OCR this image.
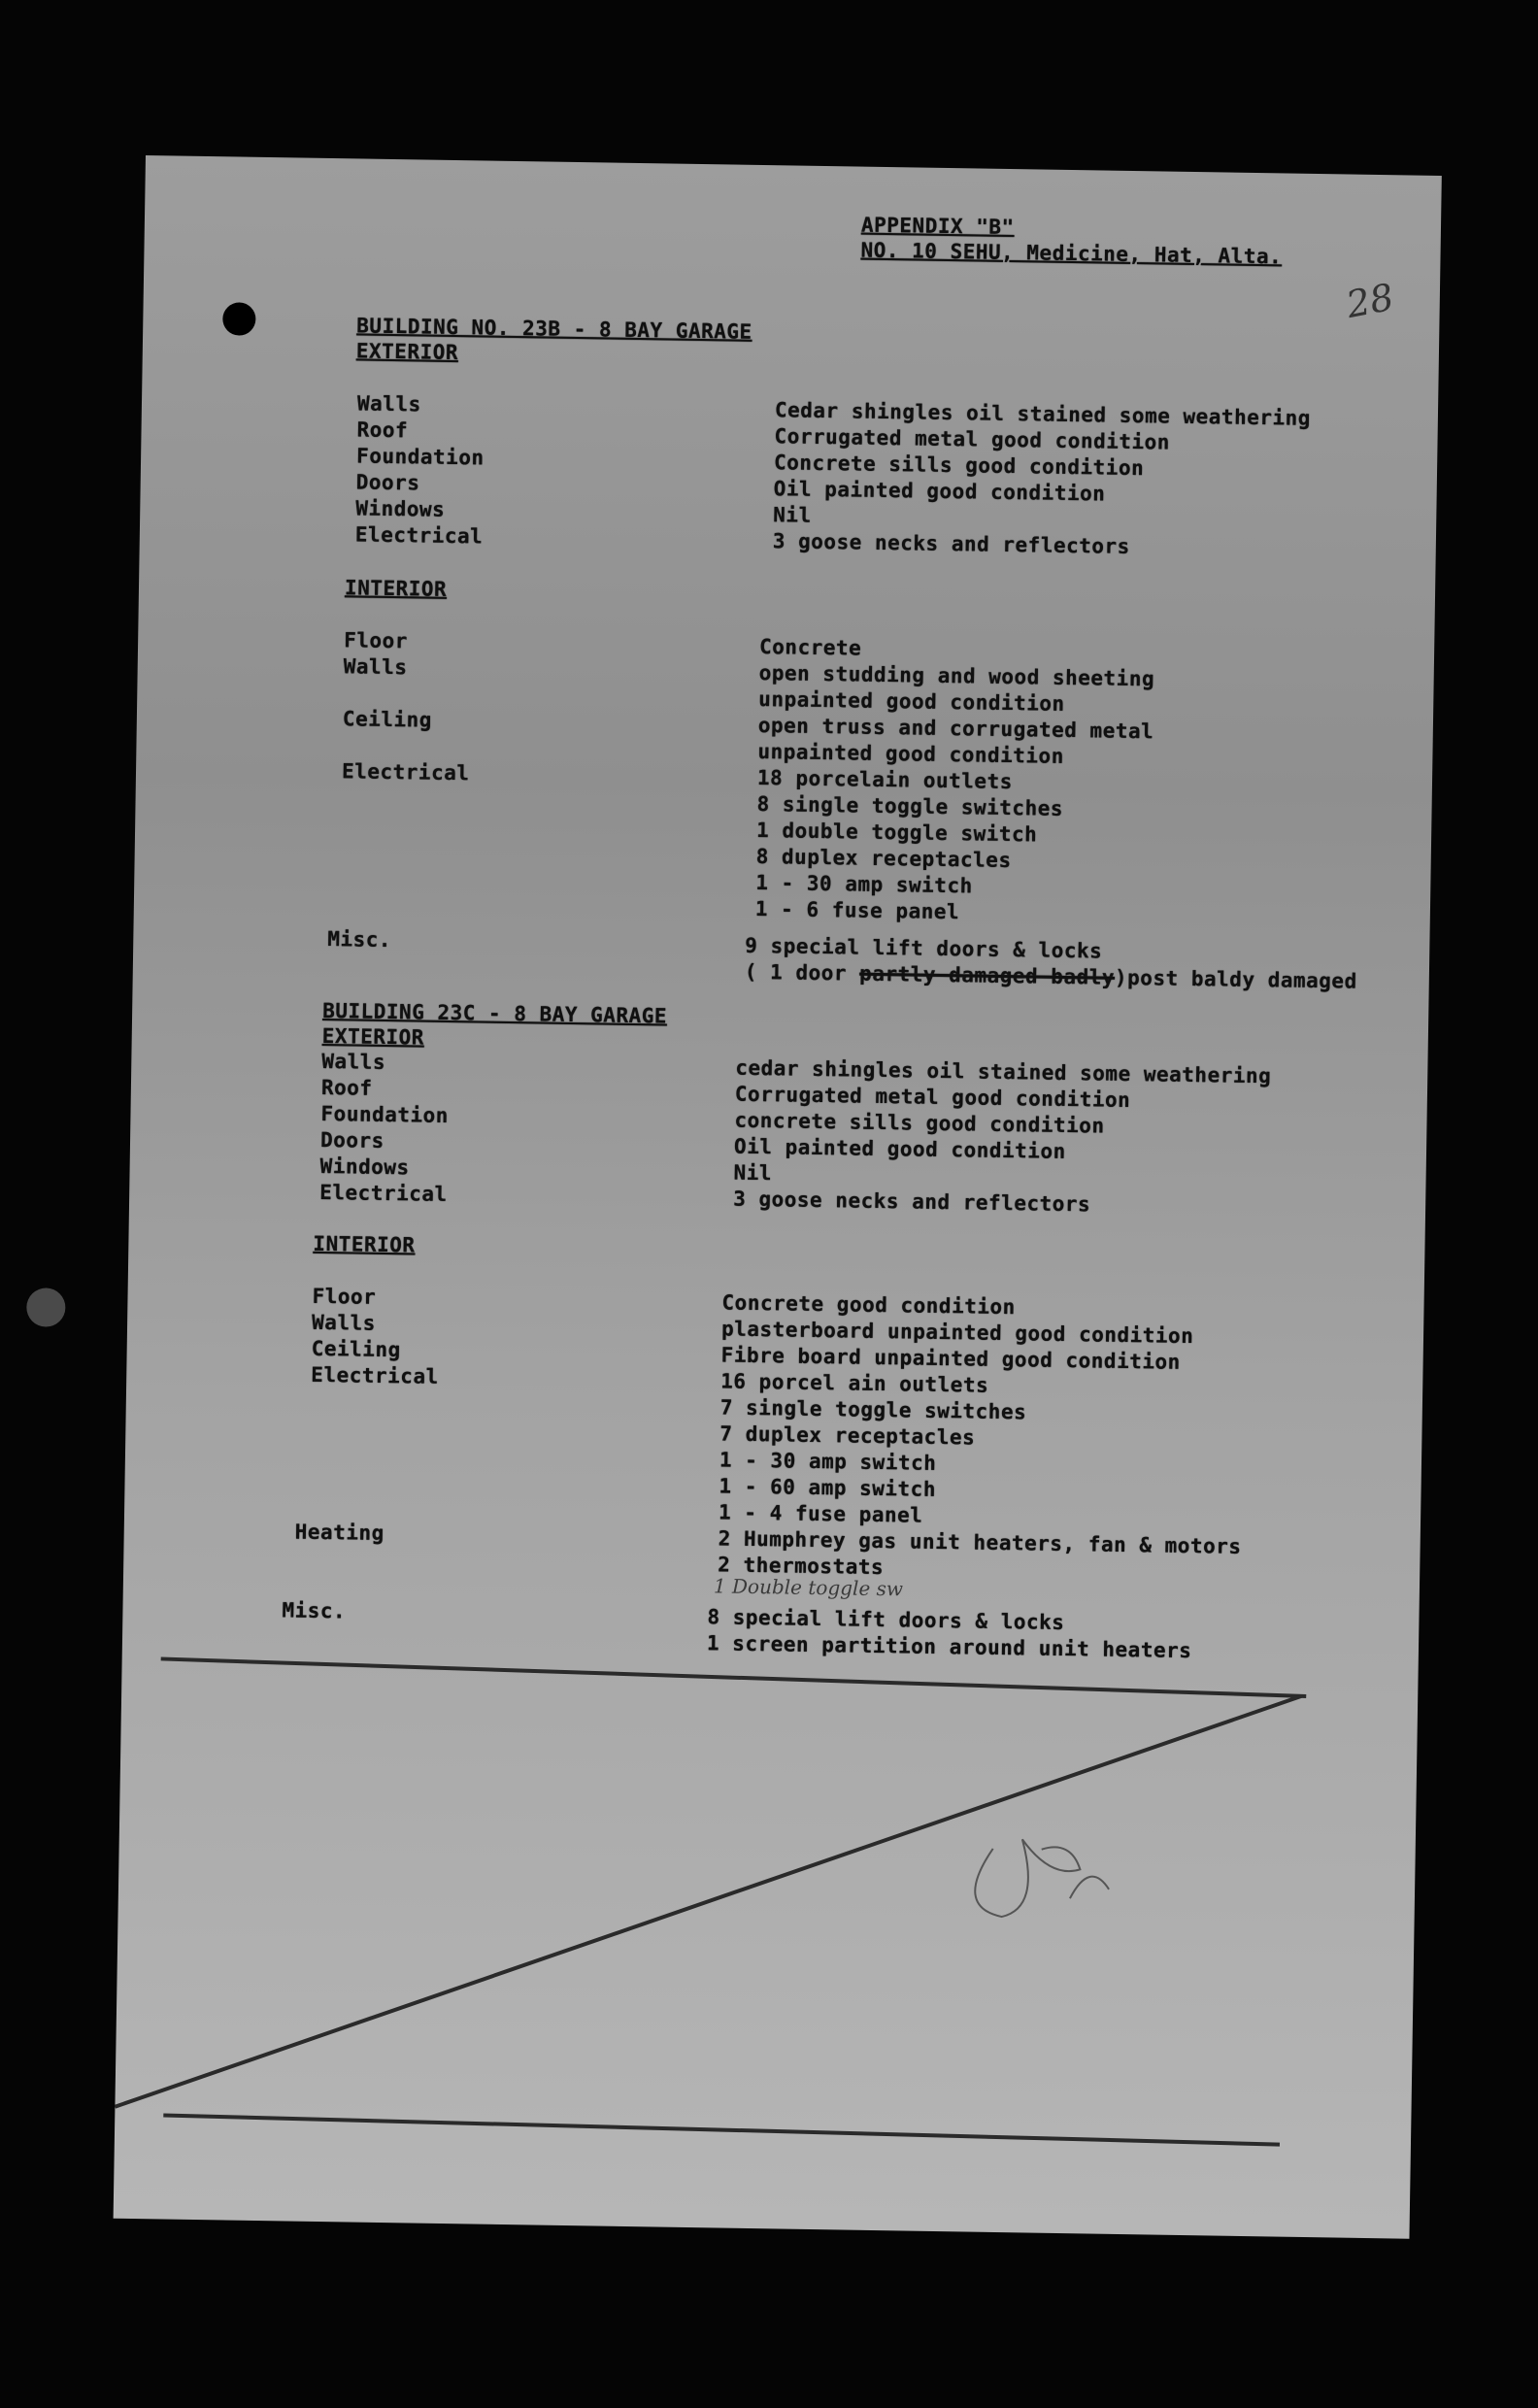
APPENDIX "B"
NO. 10 SEHU, Medicine, Hat, Alta.
28
BUILDING NO. 23B - 8 BAY GARAGE
EXTERIOR
Walls	Cedar shingles oil stained some weathering
Roof	Corrugated metal good condition
Foundation	Concrete sills good condition
Doors	Oil painted good condition
Windows	Nil
Electrical	3 goose necks and reflectors
INTERIOR
Floor	Concrete
Walls	open studding and wood sheeting
unpainted good condition
Ceiling	open truss and corrugated metal
unpainted good condition
Electrical	18 porcelain outlets
8 single toggle switches
1 double toggle switch
8 duplex receptacles
1 - 30 amp switch
1 - 6 fuse panel
Misc.	9 special lift doors & locks
( 1 door partly damaged badly)post baldy damaged
BUILDING 23C - 8 BAY GARAGE
EXTERIOR
Walls	cedar shingles oil stained some weathering
Roof	Corrugated metal good condition
Foundation	concrete sills good condition
Doors	Oil painted good condition
Windows	Nil
Electrical	3 goose necks and reflectors
INTERIOR
Floor	Concrete good condition
Walls	plasterboard unpainted good condition
Ceiling	Fibre board unpainted good condition
Electrical	16 porcel ain outlets
7 single toggle switches
7 duplex receptacles
1 - 30 amp switch
1 - 60 amp switch
1 - 4 fuse panel
Heating	2 Humphrey gas unit heaters, fan & motors
2 thermostats
1 Double toggle sw
Misc.	8 special lift doors & locks
1 screen partition around unit heaters
